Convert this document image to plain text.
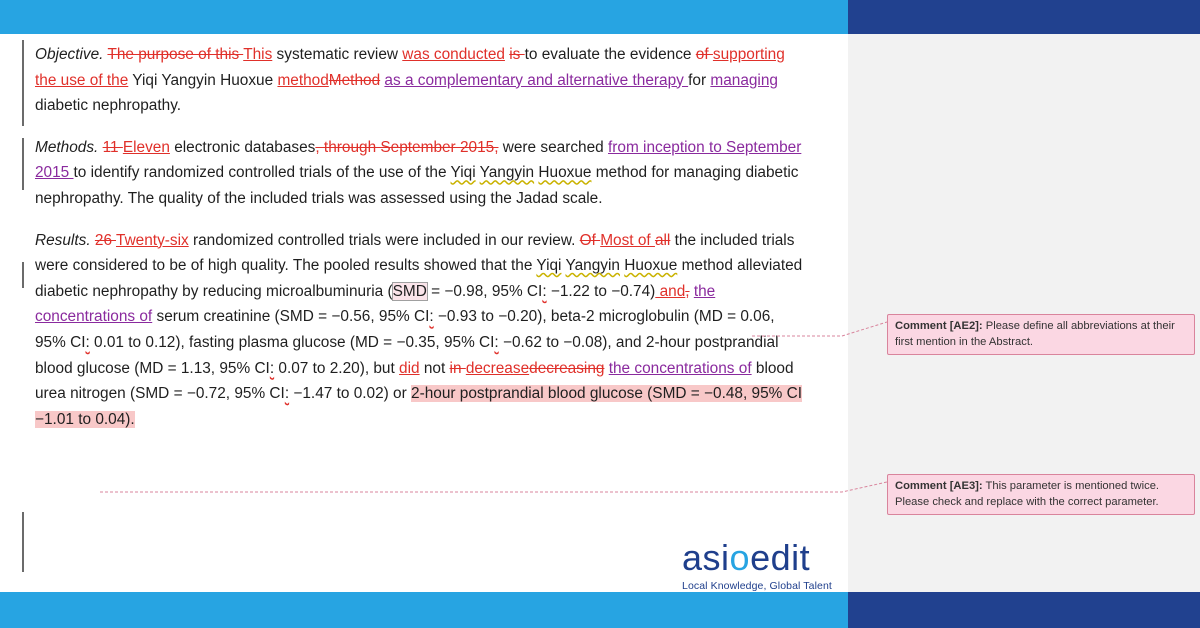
Objective. The purpose of this This systematic review was conducted is to evaluate the evidence of supporting the use of the Yiqi Yangyin Huoxue methodMethod as a complementary and alternative therapy for managing diabetic nephropathy.

Methods. 11 Eleven electronic databases, through September 2015, were searched from inception to September 2015 to identify randomized controlled trials of the use of the Yiqi Yangyin Huoxue method for managing diabetic nephropathy. The quality of the included trials was assessed using the Jadad scale.

Results. 26 Twenty-six randomized controlled trials were included in our review. Of Most of all the included trials were considered to be of high quality. The pooled results showed that the Yiqi Yangyin Huoxue method alleviated diabetic nephropathy by reducing microalbuminuria (SMD = −0.98, 95% CI: −1.22 to −0.74) and, the concentrations of serum creatinine (SMD = −0.56, 95% CI: −0.93 to −0.20), beta-2 microglobulin (MD = 0.06, 95% CI: 0.01 to 0.12), fasting plasma glucose (MD = −0.35, 95% CI: −0.62 to −0.08), and 2-hour postprandial blood glucose (MD = 1.13, 95% CI: 0.07 to 2.20), but did not in decreasedecreasing the concentrations of blood urea nitrogen (SMD = −0.72, 95% CI: −1.47 to 0.02) or 2-hour postprandial blood glucose (SMD = −0.48, 95% CI −1.01 to 0.04).

Comment [AE2]: Please define all abbreviations at their first mention in the Abstract.
Comment [AE3]: This parameter is mentioned twice. Please check and replace with the correct parameter.
asioedit
Local Knowledge, Global Talent
